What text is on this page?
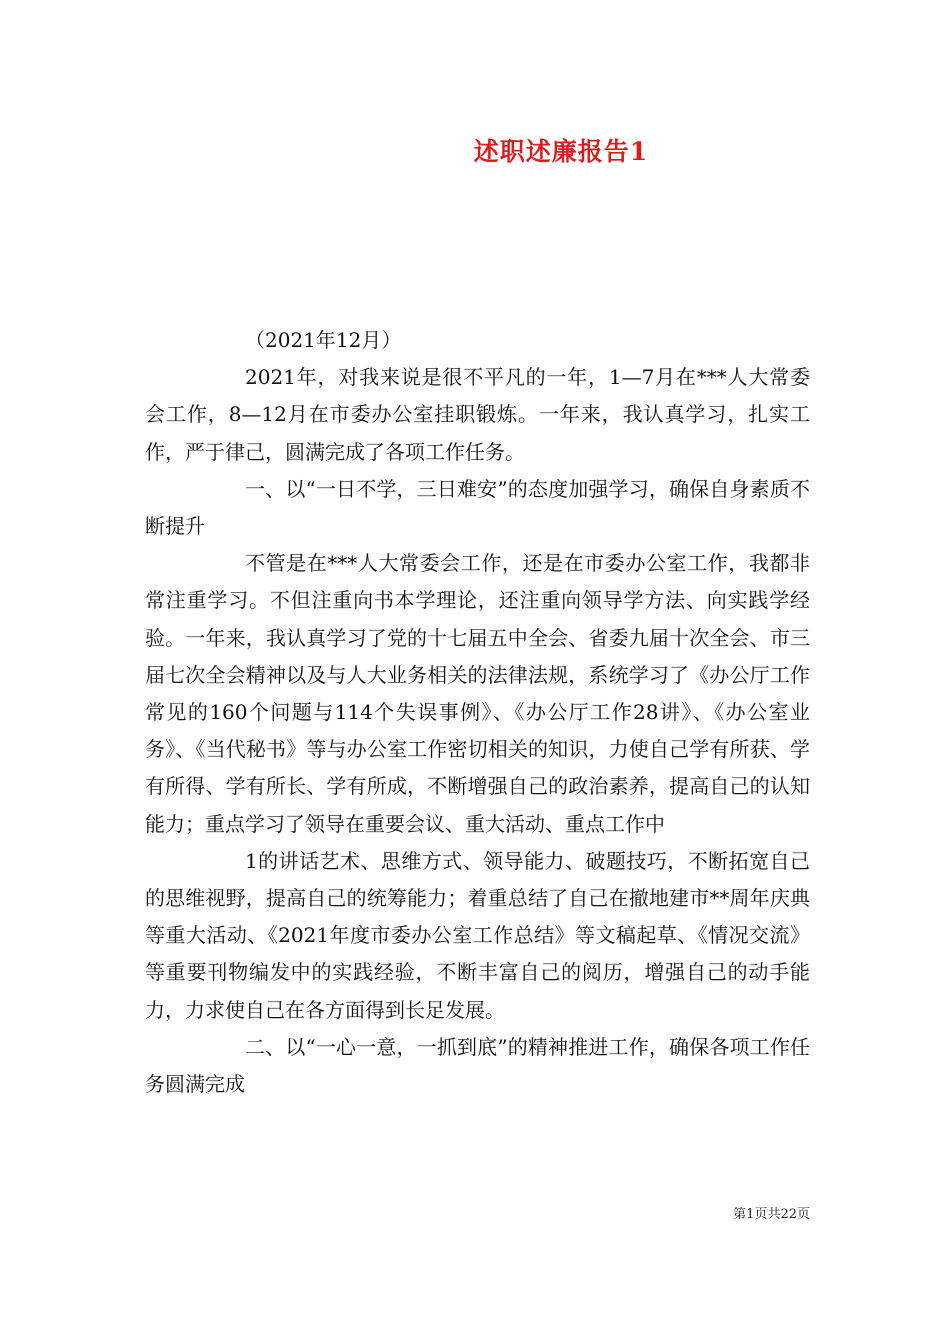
述职述廉报告1

（2021年12月）

2021年，对我来说是很不平凡的一年，1—7月在***人大常委会工作，8—12月在市委办公室挂职锻炼。一年来，我认真学习，扎实工作，严于律己，圆满完成了各项工作任务。

一、以“一日不学，三日难安”的态度加强学习，确保自身素质不断提升

不管是在***人大常委会工作，还是在市委办公室工作，我都非常注重学习。不但注重向书本学理论，还注重向领导学方法、向实践学经验。一年来，我认真学习了党的十七届五中全会、省委九届十次全会、市三届七次全会精神以及与人大业务相关的法律法规，系统学习了《办公厅工作常见的160个问题与114个失误事例》、《办公厅工作28讲》、《办公室业务》、《当代秘书》等与办公室工作密切相关的知识，力使自己学有所获、学有所得、学有所长、学有所成，不断增强自己的政治素养，提高自己的认知能力；重点学习了领导在重要会议、重大活动、重点工作中

1的讲话艺术、思维方式、领导能力、破题技巧，不断拓宽自己的思维视野，提高自己的统筹能力；着重总结了自己在撤地建市**周年庆典等重大活动、《2021年度市委办公室工作总结》等文稿起草、《情况交流》等重要刊物编发中的实践经验，不断丰富自己的阅历，增强自己的动手能力，力求使自己在各方面得到长足发展。

二、以“一心一意，一抓到底”的精神推进工作，确保各项工作任务圆满完成

第1页共22页
